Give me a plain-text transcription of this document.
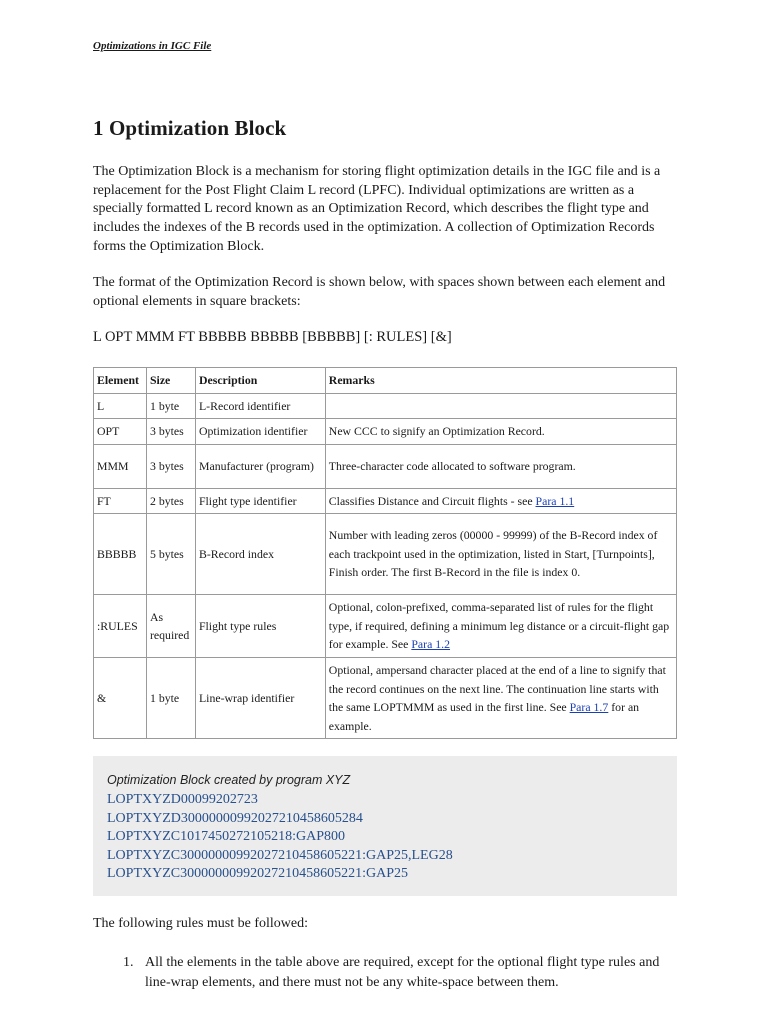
Optimizations in IGC File
1 Optimization Block

The Optimization Block is a mechanism for storing flight optimization details in the IGC file and is a replacement for the Post Flight Claim L record (LPFC). Individual optimizations are written as a specially formatted L record known as an Optimization Record, which describes the flight type and includes the indexes of the B records used in the optimization. A collection of Optimization Records forms the Optimization Block.

The format of the Optimization Record is shown below, with spaces shown between each element and optional elements in square brackets:

L OPT MMM FT BBBBB BBBBB [BBBBB] [: RULES] [&]
Element	Size	Description	Remarks
L	1 byte	L-Record identifier	
OPT	3 bytes	Optimization identifier	New CCC to signify an Optimization Record.
MMM	3 bytes	Manufacturer (program)	Three-character code allocated to software program.
FT	2 bytes	Flight type identifier	Classifies Distance and Circuit flights - see Para 1.1
BBBBB	5 bytes	B-Record index	Number with leading zeros (00000 - 99999) of the B-Record index of each trackpoint used in the optimization, listed in Start, [Turnpoints], Finish order. The first B-Record in the file is index 0.
:RULES	As required	Flight type rules	Optional, colon-prefixed, comma-separated list of rules for the flight type, if required, defining a minimum leg distance or a circuit-flight gap for example. See Para 1.2
&	1 byte	Line-wrap identifier	Optional, ampersand character placed at the end of a line to signify that the record continues on the next line. The continuation line starts with the same LOPTMMM as used in the first line. See Para 1.7 for an example.
Optimization Block created by program XYZ
LOPTXYZD00099202723
LOPTXYZD30000000992027210458605284
LOPTXYZC1017450272105218:GAP800
LOPTXYZC30000000992027210458605221:GAP25,LEG28
LOPTXYZC30000000992027210458605221:GAP25
The following rules must be followed:
1. All the elements in the table above are required, except for the optional flight type rules and line-wrap elements, and there must not be any white-space between them.
